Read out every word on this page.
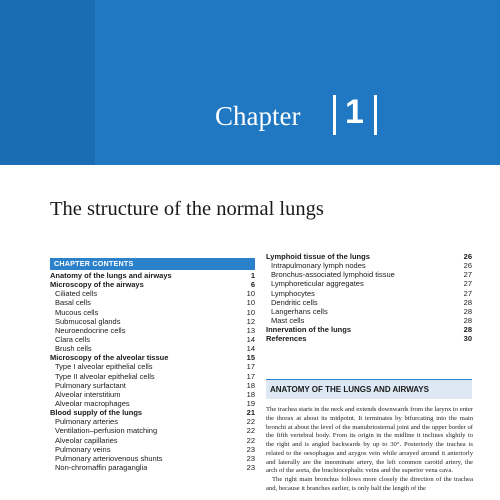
Chapter 1
The structure of the normal lungs
CHAPTER CONTENTS
Anatomy of the lungs and airways	1
Microscopy of the airways	6
Ciliated cells	10
Basal cells	10
Mucous cells	10
Submucosal glands	12
Neuroendocrine cells	13
Clara cells	14
Brush cells	14
Microscopy of the alveolar tissue	15
Type I alveolar epithelial cells	17
Type II alveolar epithelial cells	17
Pulmonary surfactant	18
Alveolar interstitium	18
Alveolar macrophages	19
Blood supply of the lungs	21
Pulmonary arteries	22
Ventilation–perfusion matching	22
Alveolar capillaries	22
Pulmonary veins	23
Pulmonary arteriovenous shunts	23
Non-chromaffin paraganglia	23
Lymphoid tissue of the lungs	26
Intrapulmonary lymph nodes	26
Bronchus-associated lymphoid tissue	27
Lymphoreticular aggregates	27
Lymphocytes	27
Dendritic cells	28
Langerhans cells	28
Mast cells	28
Innervation of the lungs	28
References	30
ANATOMY OF THE LUNGS AND AIRWAYS

The trachea starts in the neck and extends downwards from the larynx to enter the thorax at about its midpoint. It terminates by bifurcating into the main bronchi at about the level of the manubriosternal joint and the upper border of the fifth vertebral body. From its origin in the midline it inclines slightly to the right and is angled backwards by up to 30°. Posteriorly the trachea is related to the oesophagus and azygos vein while arrayed around it anteriorly and laterally are the innominate artery, the left common carotid artery, the arch of the aorta, the brachiocephalic veins and the superior vena cava.

The right main bronchus follows more closely the direction of the trachea and, because it branches earlier, is only half the length of the
